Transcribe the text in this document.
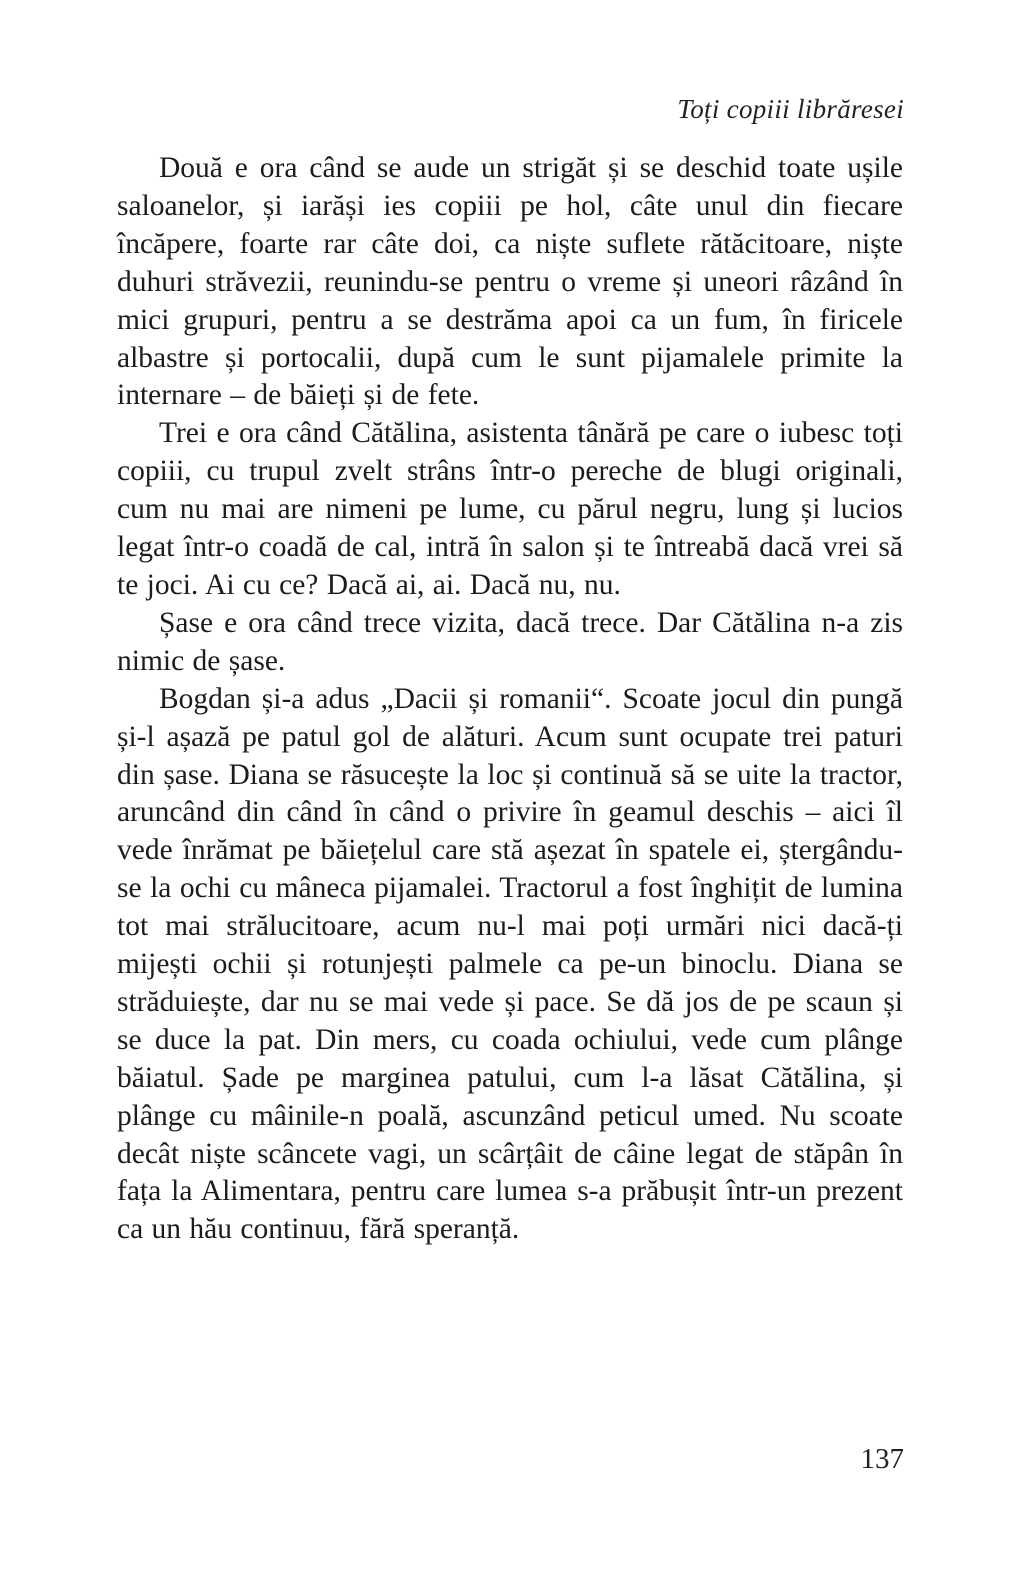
Toți copiii librăresei

Două e ora când se aude un strigăt și se deschid toate ușile saloanelor, și iarăși ies copiii pe hol, câte unul din fiecare încăpere, foarte rar câte doi, ca niște suflete rătăcitoare, niște duhuri străvezii, reunindu-se pentru o vreme și uneori râzând în mici grupuri, pentru a se destrăma apoi ca un fum, în firicele albastre și portocalii, după cum le sunt pijamalele primite la internare – de băieți și de fete.

Trei e ora când Cătălina, asistenta tânără pe care o iubesc toți copiii, cu trupul zvelt strâns într-o pereche de blugi originali, cum nu mai are nimeni pe lume, cu părul negru, lung și lucios legat într-o coadă de cal, intră în salon și te întreabă dacă vrei să te joci. Ai cu ce? Dacă ai, ai. Dacă nu, nu.

Șase e ora când trece vizita, dacă trece. Dar Cătălina n-a zis nimic de șase.

Bogdan și-a adus „Dacii și romanii“. Scoate jocul din pungă și-l așază pe patul gol de alături. Acum sunt ocupate trei paturi din șase. Diana se răsucește la loc și continuă să se uite la tractor, aruncând din când în când o privire în geamul deschis – aici îl vede înrămat pe băiețelul care stă așezat în spatele ei, ștergându-se la ochi cu mâneca pijamalei. Tractorul a fost înghițit de lumina tot mai strălucitoare, acum nu-l mai poți urmări nici dacă-ți mijești ochii și rotunjești palmele ca pe-un binoclu. Diana se străduiește, dar nu se mai vede și pace. Se dă jos de pe scaun și se duce la pat. Din mers, cu coada ochiului, vede cum plânge băiatul. Șade pe marginea patului, cum l-a lăsat Cătălina, și plânge cu mâinile-n poală, ascunzând peticul umed. Nu scoate decât niște scâncete vagi, un scârțâit de câine legat de stăpân în fața la Alimentara, pentru care lumea s-a prăbușit într-un prezent ca un hău continuu, fără speranță.

137
